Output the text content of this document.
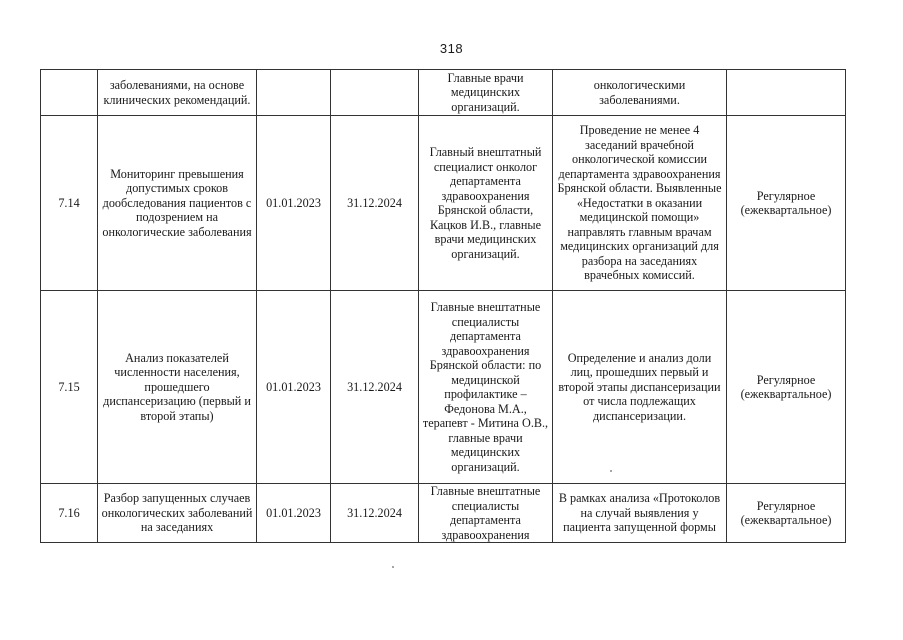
318
	заболеваниями, на основе клинических рекомендаций.			Главные врачи медицинских организаций.	онкологическими заболеваниями.	
7.14	Мониторинг превышения допустимых сроков дообследования пациентов с подозрением на онкологические заболевания	01.01.2023	31.12.2024	Главный внештатный специалист онколог департамента здравоохранения Брянской области, Кацков И.В., главные врачи медицинских организаций.	Проведение не менее 4 заседаний врачебной онкологической комиссии департамента здравоохранения Брянской области. Выявленные «Недостатки в оказании медицинской помощи» направлять главным врачам медицинских организаций для разбора на заседаниях врачебных комиссий.	Регулярное (ежеквартальное)
7.15	Анализ показателей численности населения, прошедшего диспансеризацию (первый и второй этапы)	01.01.2023	31.12.2024	Главные внештатные специалисты департамента здравоохранения Брянской области: по медицинской профилактике – Федонова М.А., терапевт - Митина О.В., главные врачи медицинских организаций.	Определение и анализ доли лиц, прошедших первый и второй этапы диспансеризации от числа подлежащих диспансеризации.	Регулярное (ежеквартальное)
7.16	Разбор запущенных случаев онкологических заболеваний на заседаниях	01.01.2023	31.12.2024	Главные внештатные специалисты департамента здравоохранения	В рамках анализа «Протоколов на случай выявления у пациента запущенной формы	Регулярное (ежеквартальное)
